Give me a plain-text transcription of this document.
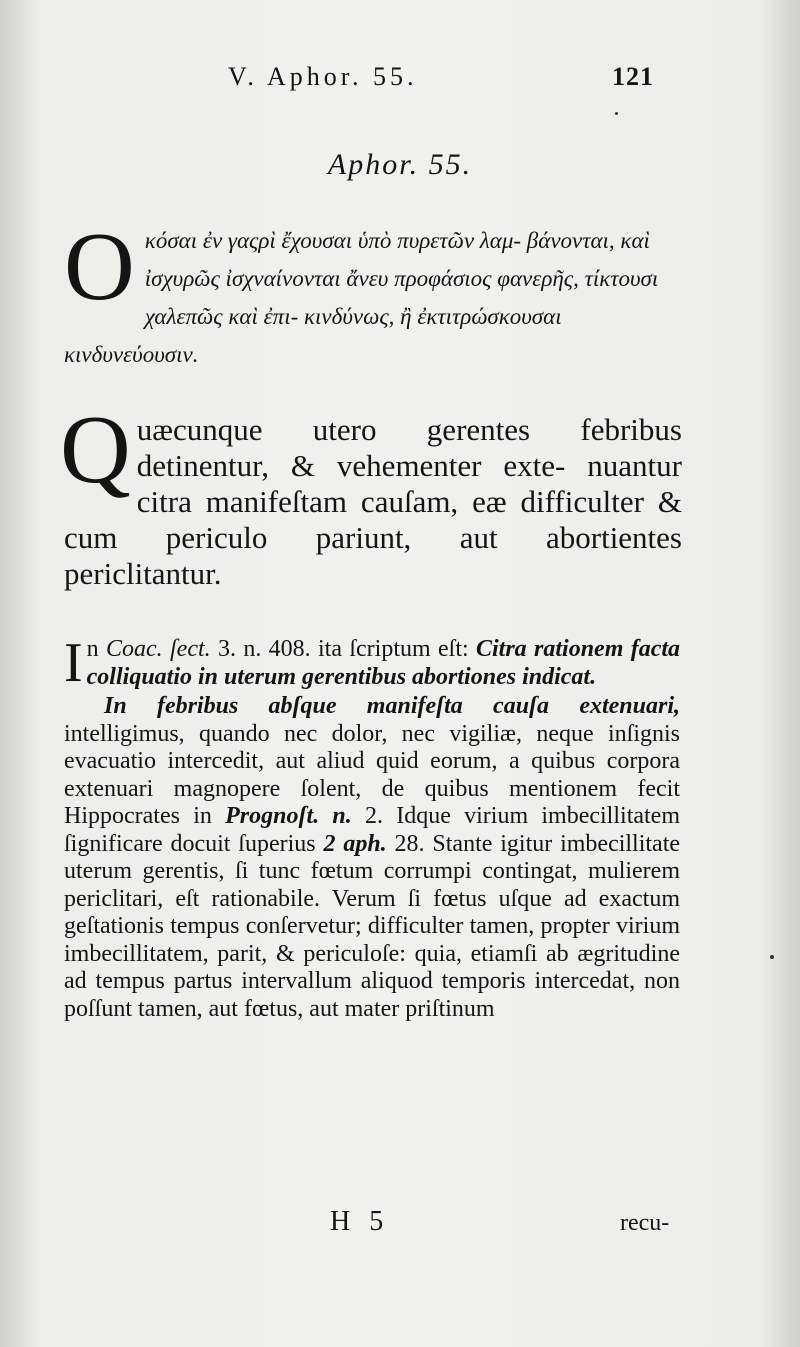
V. Aphor. 55.	121
Aphor. 55.
O κόσαι ἐν γαςρὶ ἔχουσαι ὑπὸ πυρετῶν λαμ- βάνονται, καὶ ἰσχυρῶς ἰσχναίνονται ἄνευ προφάσιος φανερῆς, τίκτουσι χαλεπῶς καὶ ἐπι- κινδύνως, ἢ ἐκτιτρώσκουσαι κινδυνεύουσιν.
Q uæcunque utero gerentes febribus detinentur, & vehementer exte- nuantur citra manifeſtam cauſam, eæ difficulter & cum periculo pariunt, aut abortientes periclitantur.

In Coac. ſect. 3. n. 408. ita ſcriptum eſt: Citra rationem facta colliquatio in uterum gerentibus abortiones indicat.

In febribus abſque manifeſta cauſa extenuari, intelligimus, quando nec dolor, nec vigiliæ, neque inſignis evacuatio intercedit, aut aliud quid eorum, a quibus corpora extenuari magnopere ſolent, de quibus mentionem fecit Hippocrates in Prognoſt. n. 2. Idque virium imbecillitatem ſignificare docuit ſuperius 2 aph. 28. Stante igitur imbecillitate uterum gerentis, ſi tunc fœtum corrumpi contingat, mulierem periclitari, eſt rationabile. Verum ſi fœtus uſque ad exactum geſtationis tempus conſervetur; difficulter tamen, propter virium imbecillitatem, parit, & periculoſe: quia, etiamſi ab ægritudine ad tempus partus intervallum aliquod temporis intercedat, non poſſunt tamen, aut fœtus, aut mater priſtinum

H 5	recu-
